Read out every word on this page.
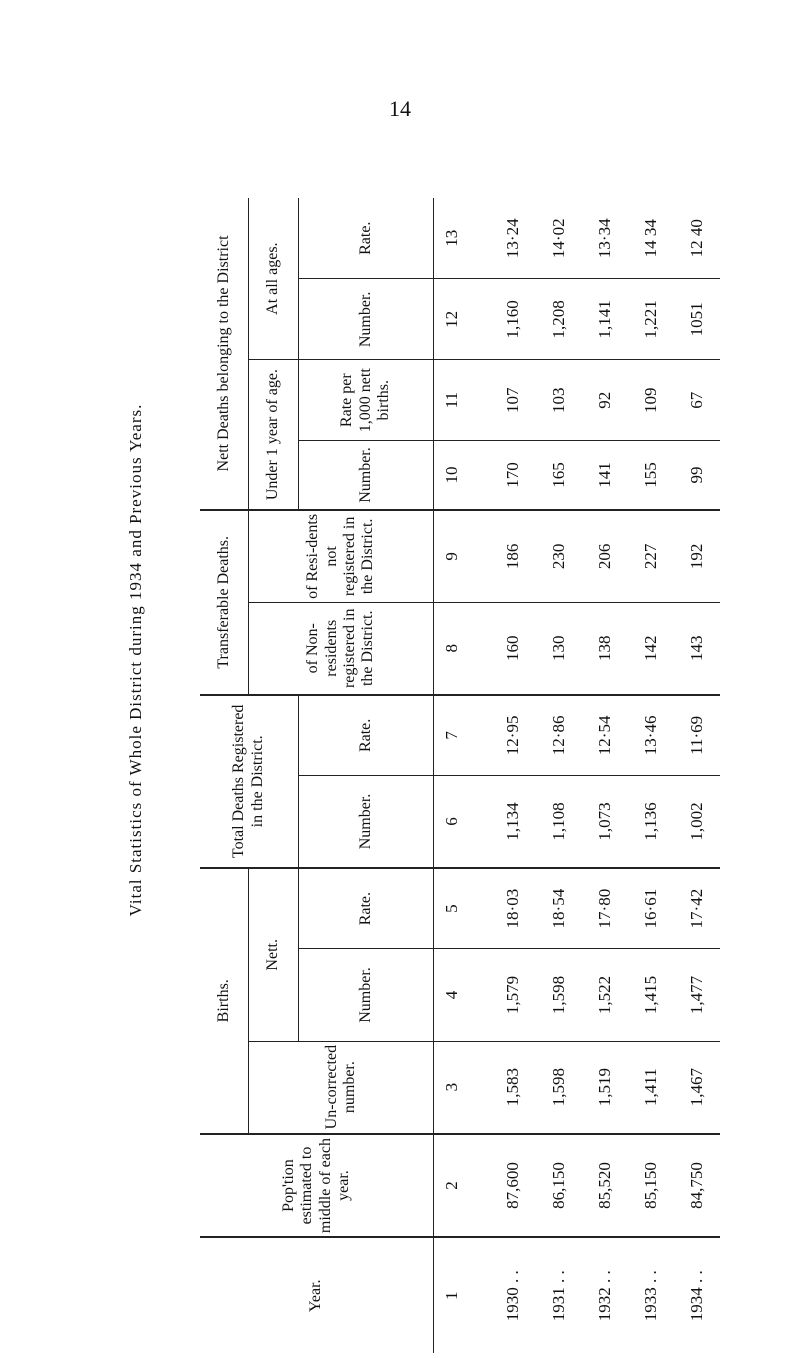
14
Vital Statistics of Whole District during 1934 and Previous Years.
Year.	Pop'tion estimated to middle of each year.	Births.			Total Deaths Registered in the District.		Transferable Deaths.		Nett Deaths belonging to the District			
		Un-corrected number.	Nett.				of Non-residents registered in the District.	of Resi-dents not registered in the District.	Under 1 year of age.		At all ages.	
			Number.	Rate.	Number.	Rate.			Number.	Rate per 1,000 nett births.	Number.	Rate.
1	2	3	4	5	6	7	8	9	10	11	12	13

1930 . .	87,600	1,583	1,579	18·03	1,134	12·95	160	186	170	107	1,160	13·24
1931 . .	86,150	1,598	1,598	18·54	1,108	12·86	130	230	165	103	1,208	14·02
1932 . .	85,520	1,519	1,522	17·80	1,073	12·54	138	206	141	92	1,141	13·34
1933 . .	85,150	1,411	1,415	16·61	1,136	13·46	142	227	155	109	1,221	14 34
1934 . .	84,750	1,467	1,477	17·42	1,002	11·69	143	192	99	67	1051	12 40
